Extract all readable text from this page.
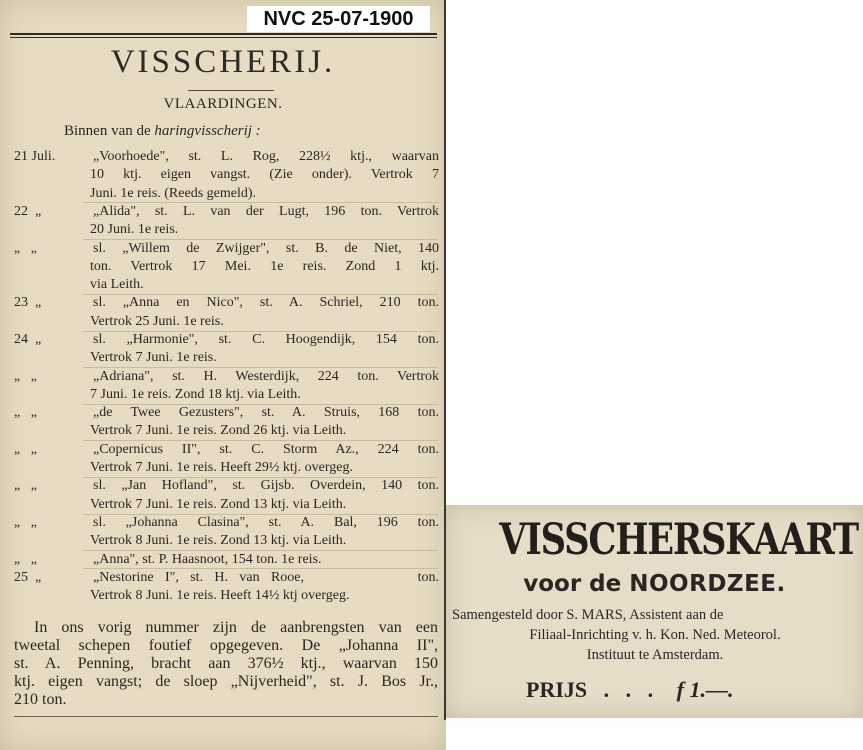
NVC 25-07-1900
VISSCHERIJ.
VLAARDINGEN.
Binnen van de haringvisscherij :
21 Juli.	„Voorhoede", st. L. Rog, 228½ ktj., waarvan
10 ktj. eigen vangst. (Zie onder). Vertrok 7
Juni. 1e reis. (Reeds gemeld).
22  „	„Alida", st. L. van der Lugt, 196 ton. Vertrok
20 Juni. 1e reis.
„   „	sl. „Willem de Zwijger", st. B. de Niet, 140
ton. Vertrok 17 Mei. 1e reis. Zond 1 ktj.
via Leith.
23  „	sl. „Anna en Nico", st. A. Schriel, 210 ton.
Vertrok 25 Juni. 1e reis.
24  „	sl. „Harmonie", st. C. Hoogendijk, 154 ton.
Vertrok 7 Juni. 1e reis.
„   „	„Adriana", st. H. Westerdijk, 224 ton. Vertrok
7 Juni. 1e reis. Zond 18 ktj. via Leith.
„   „	„de Twee Gezusters", st. A. Struis, 168 ton.
Vertrok 7 Juni. 1e reis. Zond 26 ktj. via Leith.
„   „	„Copernicus II", st. C. Storm Az., 224 ton.
Vertrok 7 Juni. 1e reis. Heeft 29½ ktj. overgeg.
„   „	sl. „Jan Hofland", st. Gijsb. Overdein, 140 ton.
Vertrok 7 Juni. 1e reis. Zond 13 ktj. via Leith.
„   „	sl. „Johanna Clasina", st. A. Bal, 196 ton.
Vertrok 8 Juni. 1e reis. Zond 13 ktj. via Leith.
„   „	„Anna", st. P. Haasnoot, 154 ton. 1e reis.
25  „	„Nestorine I", st. H. van Rooe,          ton.
Vertrok 8 Juni. 1e reis. Heeft 14½ ktj overgeg.
In ons vorig nummer zijn de aanbrengsten van een
tweetal schepen foutief opgegeven. De „Johanna II",
st. A. Penning, bracht aan 376½ ktj., waarvan 150
ktj. eigen vangst; de sloep „Nijverheid", st. J. Bos Jr.,
210 ton.
VISSCHERSKAART
voor de NOORDZEE.
Samengesteld door S. MARS, Assistent aan de
Filiaal-Inrichting v. h. Kon. Ned. Meteorol.
Instituut te Amsterdam.
PRIJS   .   .   . f 1.—.
